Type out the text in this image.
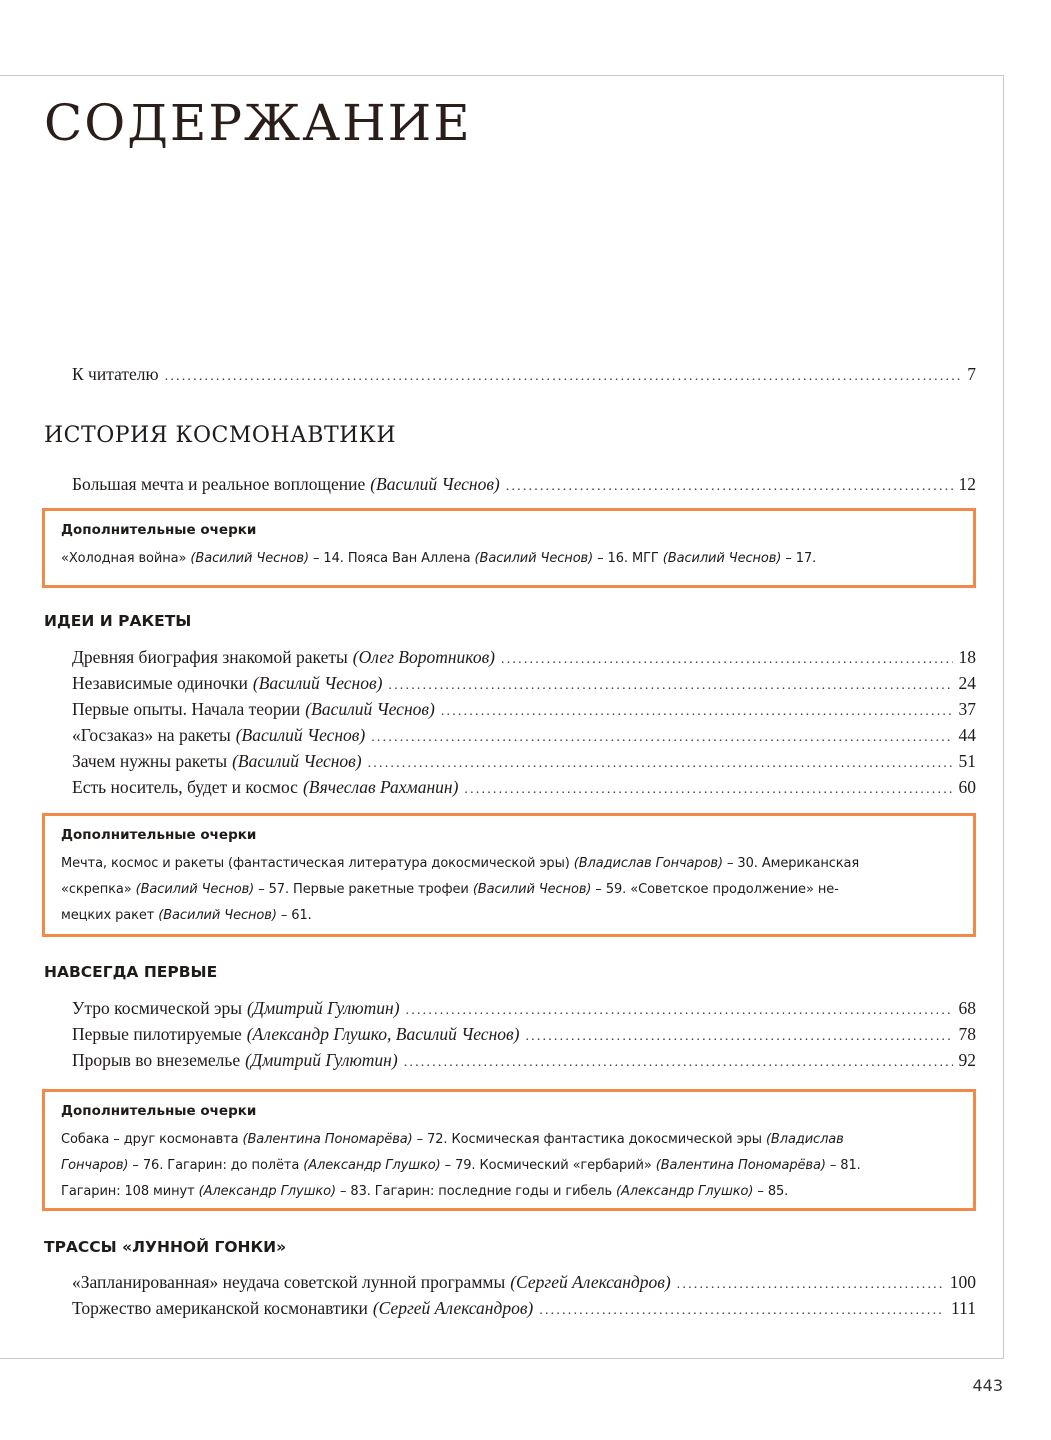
СОДЕРЖАНИЕ
К читателю .....	7
ИСТОРИЯ КОСМОНАВТИКИ
Большая мечта и реальное воплощение (Василий Чеснов) .....	12
Дополнительные очерки
«Холодная война» (Василий Чеснов) – 14. Пояса Ван Аллена (Василий Чеснов) – 16. МГГ (Василий Чеснов) – 17.
ИДЕИ И РАКЕТЫ
Древняя биография знакомой ракеты (Олег Воротников) .....	18
Независимые одиночки (Василий Чеснов) .....	24
Первые опыты. Начала теории (Василий Чеснов) .....	37
«Госзаказ» на ракеты (Василий Чеснов) .....	44
Зачем нужны ракеты (Василий Чеснов) .....	51
Есть носитель, будет и космос (Вячеслав Рахманин) .....	60
Дополнительные очерки
Мечта, космос и ракеты (фантастическая литература докосмической эры) (Владислав Гончаров) – 30. Американская
«скрепка» (Василий Чеснов) – 57. Первые ракетные трофеи (Василий Чеснов) – 59. «Советское продолжение» не-
мецких ракет (Василий Чеснов) – 61.
НАВСЕГДА ПЕРВЫЕ
Утро космической эры (Дмитрий Гулютин) .....	68
Первые пилотируемые (Александр Глушко, Василий Чеснов) .....	78
Прорыв во внеземелье (Дмитрий Гулютин) .....	92
Дополнительные очерки
Собака – друг космонавта (Валентина Пономарёва) – 72. Космическая фантастика докосмической эры (Владислав
Гончаров) – 76. Гагарин: до полёта (Александр Глушко) – 79. Космический «гербарий» (Валентина Пономарёва) – 81.
Гагарин: 108 минут (Александр Глушко) – 83. Гагарин: последние годы и гибель (Александр Глушко) – 85.
ТРАССЫ «ЛУННОЙ ГОНКИ»
«Запланированная» неудача советской лунной программы (Сергей Александров) .....	100
Торжество американской космонавтики (Сергей Александров) .....	111
443
